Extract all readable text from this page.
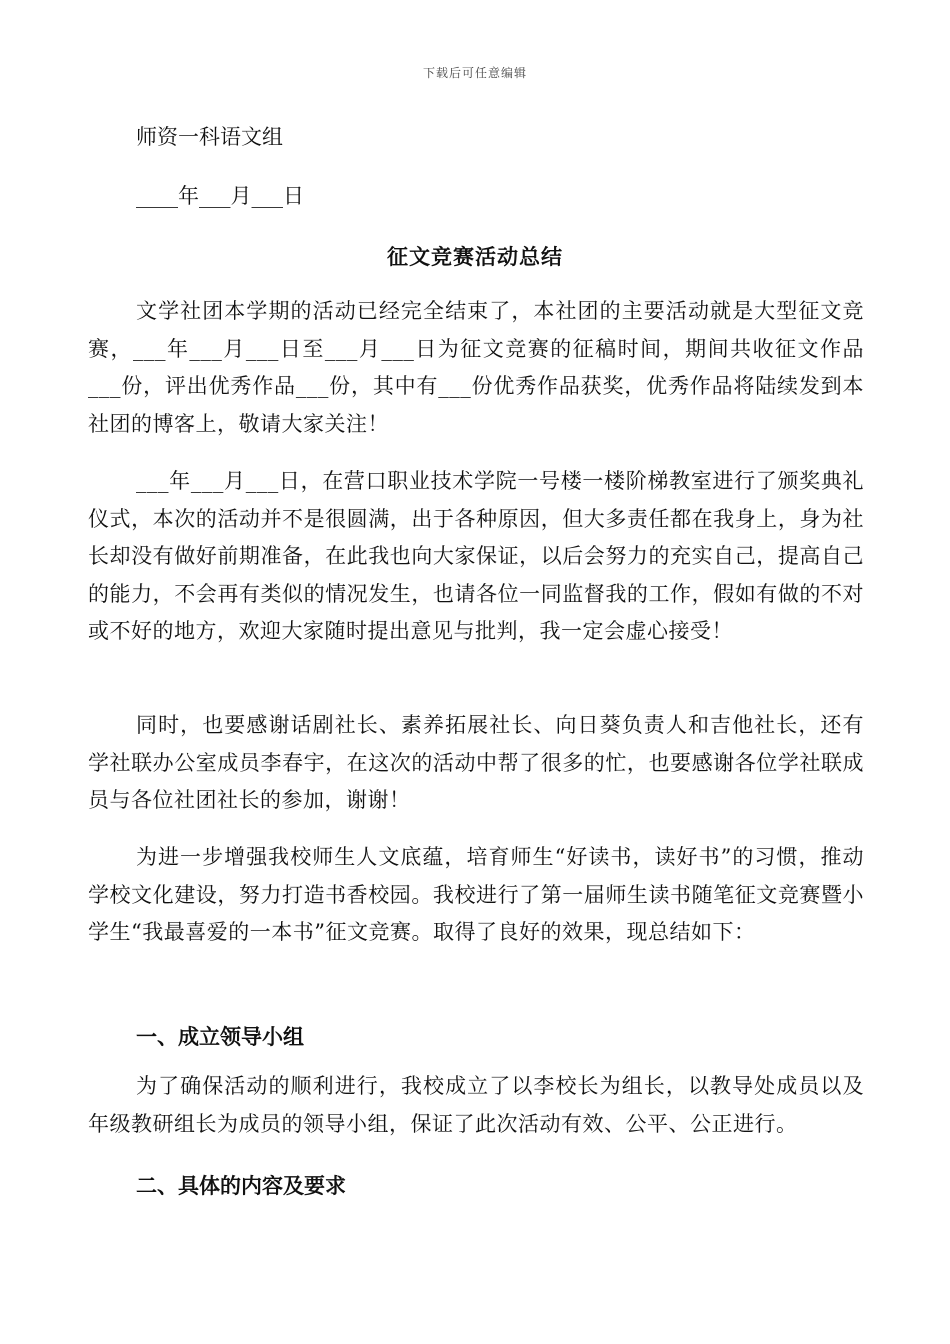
下载后可任意编辑
师资一科语文组
____年___月___日
征文竞赛活动总结
文学社团本学期的活动已经完全结束了，本社团的主要活动就是大型征文竞赛，___年___月___日至___月___日为征文竞赛的征稿时间，期间共收征文作品___份，评出优秀作品___份，其中有___份优秀作品获奖，优秀作品将陆续发到本社团的博客上，敬请大家关注！
___年___月___日，在营口职业技术学院一号楼一楼阶梯教室进行了颁奖典礼仪式，本次的活动并不是很圆满，出于各种原因，但大多责任都在我身上，身为社长却没有做好前期准备，在此我也向大家保证，以后会努力的充实自己，提高自己的能力，不会再有类似的情况发生，也请各位一同监督我的工作，假如有做的不对或不好的地方，欢迎大家随时提出意见与批判，我一定会虚心接受！
同时，也要感谢话剧社长、素养拓展社长、向日葵负责人和吉他社长，还有学社联办公室成员李春宇，在这次的活动中帮了很多的忙，也要感谢各位学社联成员与各位社团社长的参加，谢谢！
为进一步增强我校师生人文底蕴，培育师生“好读书，读好书”的习惯，推动学校文化建设，努力打造书香校园。我校进行了第一届师生读书随笔征文竞赛暨小学生“我最喜爱的一本书”征文竞赛。取得了良好的效果，现总结如下：
一、成立领导小组
为了确保活动的顺利进行，我校成立了以李校长为组长，以教导处成员以及年级教研组长为成员的领导小组，保证了此次活动有效、公平、公正进行。
二、具体的内容及要求
